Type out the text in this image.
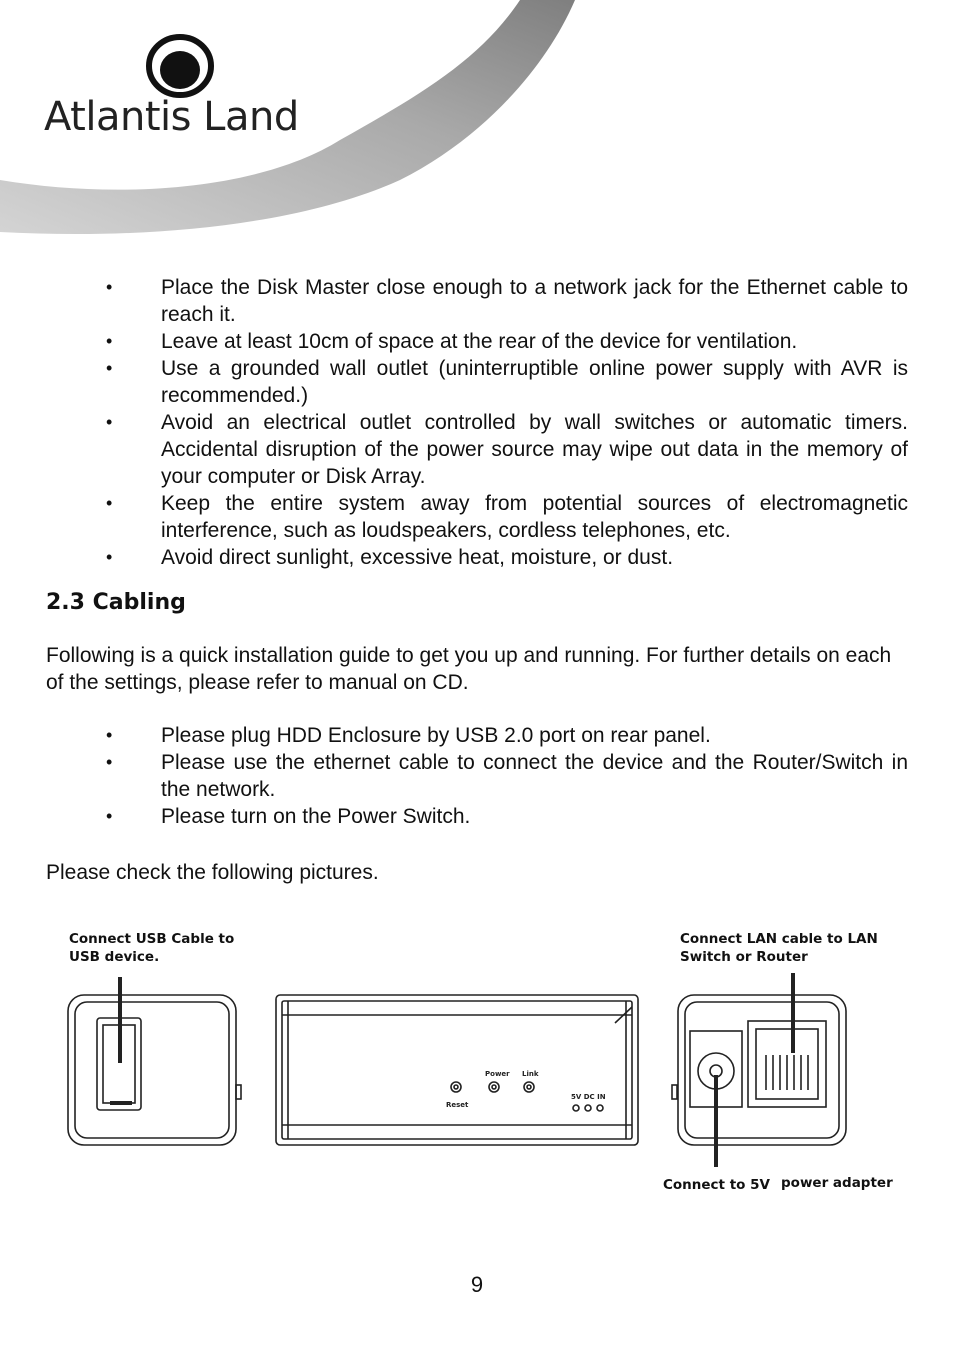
Atlantis Land

• Place the Disk Master close enough to a network jack for the Ethernet cable to reach it.

• Leave at least 10cm of space at the rear of the device for ventilation.

• Use a grounded wall outlet (uninterruptible online power supply with AVR is recommended.)

• Avoid an electrical outlet controlled by wall switches or automatic timers. Accidental disruption of the power source may wipe out data in the memory of your computer or Disk Array.

• Keep the entire system away from potential sources of electromagnetic interference, such as loudspeakers, cordless telephones, etc.

• Avoid direct sunlight, excessive heat, moisture, or dust.

2.3 Cabling

Following is a quick installation guide to get you up and running. For further details on each of the settings, please refer to manual on CD.

• Please plug HDD Enclosure by USB 2.0 port on rear panel.

• Please use the ethernet cable to connect the device and the Router/Switch in the network.

• Please turn on the Power Switch.

Please check the following pictures.

Connect USB Cable to
USB device.
Connect LAN cable to LAN
Switch or Router
Connect to 5V power adapter
Reset
Power Link
5V DC IN
9
